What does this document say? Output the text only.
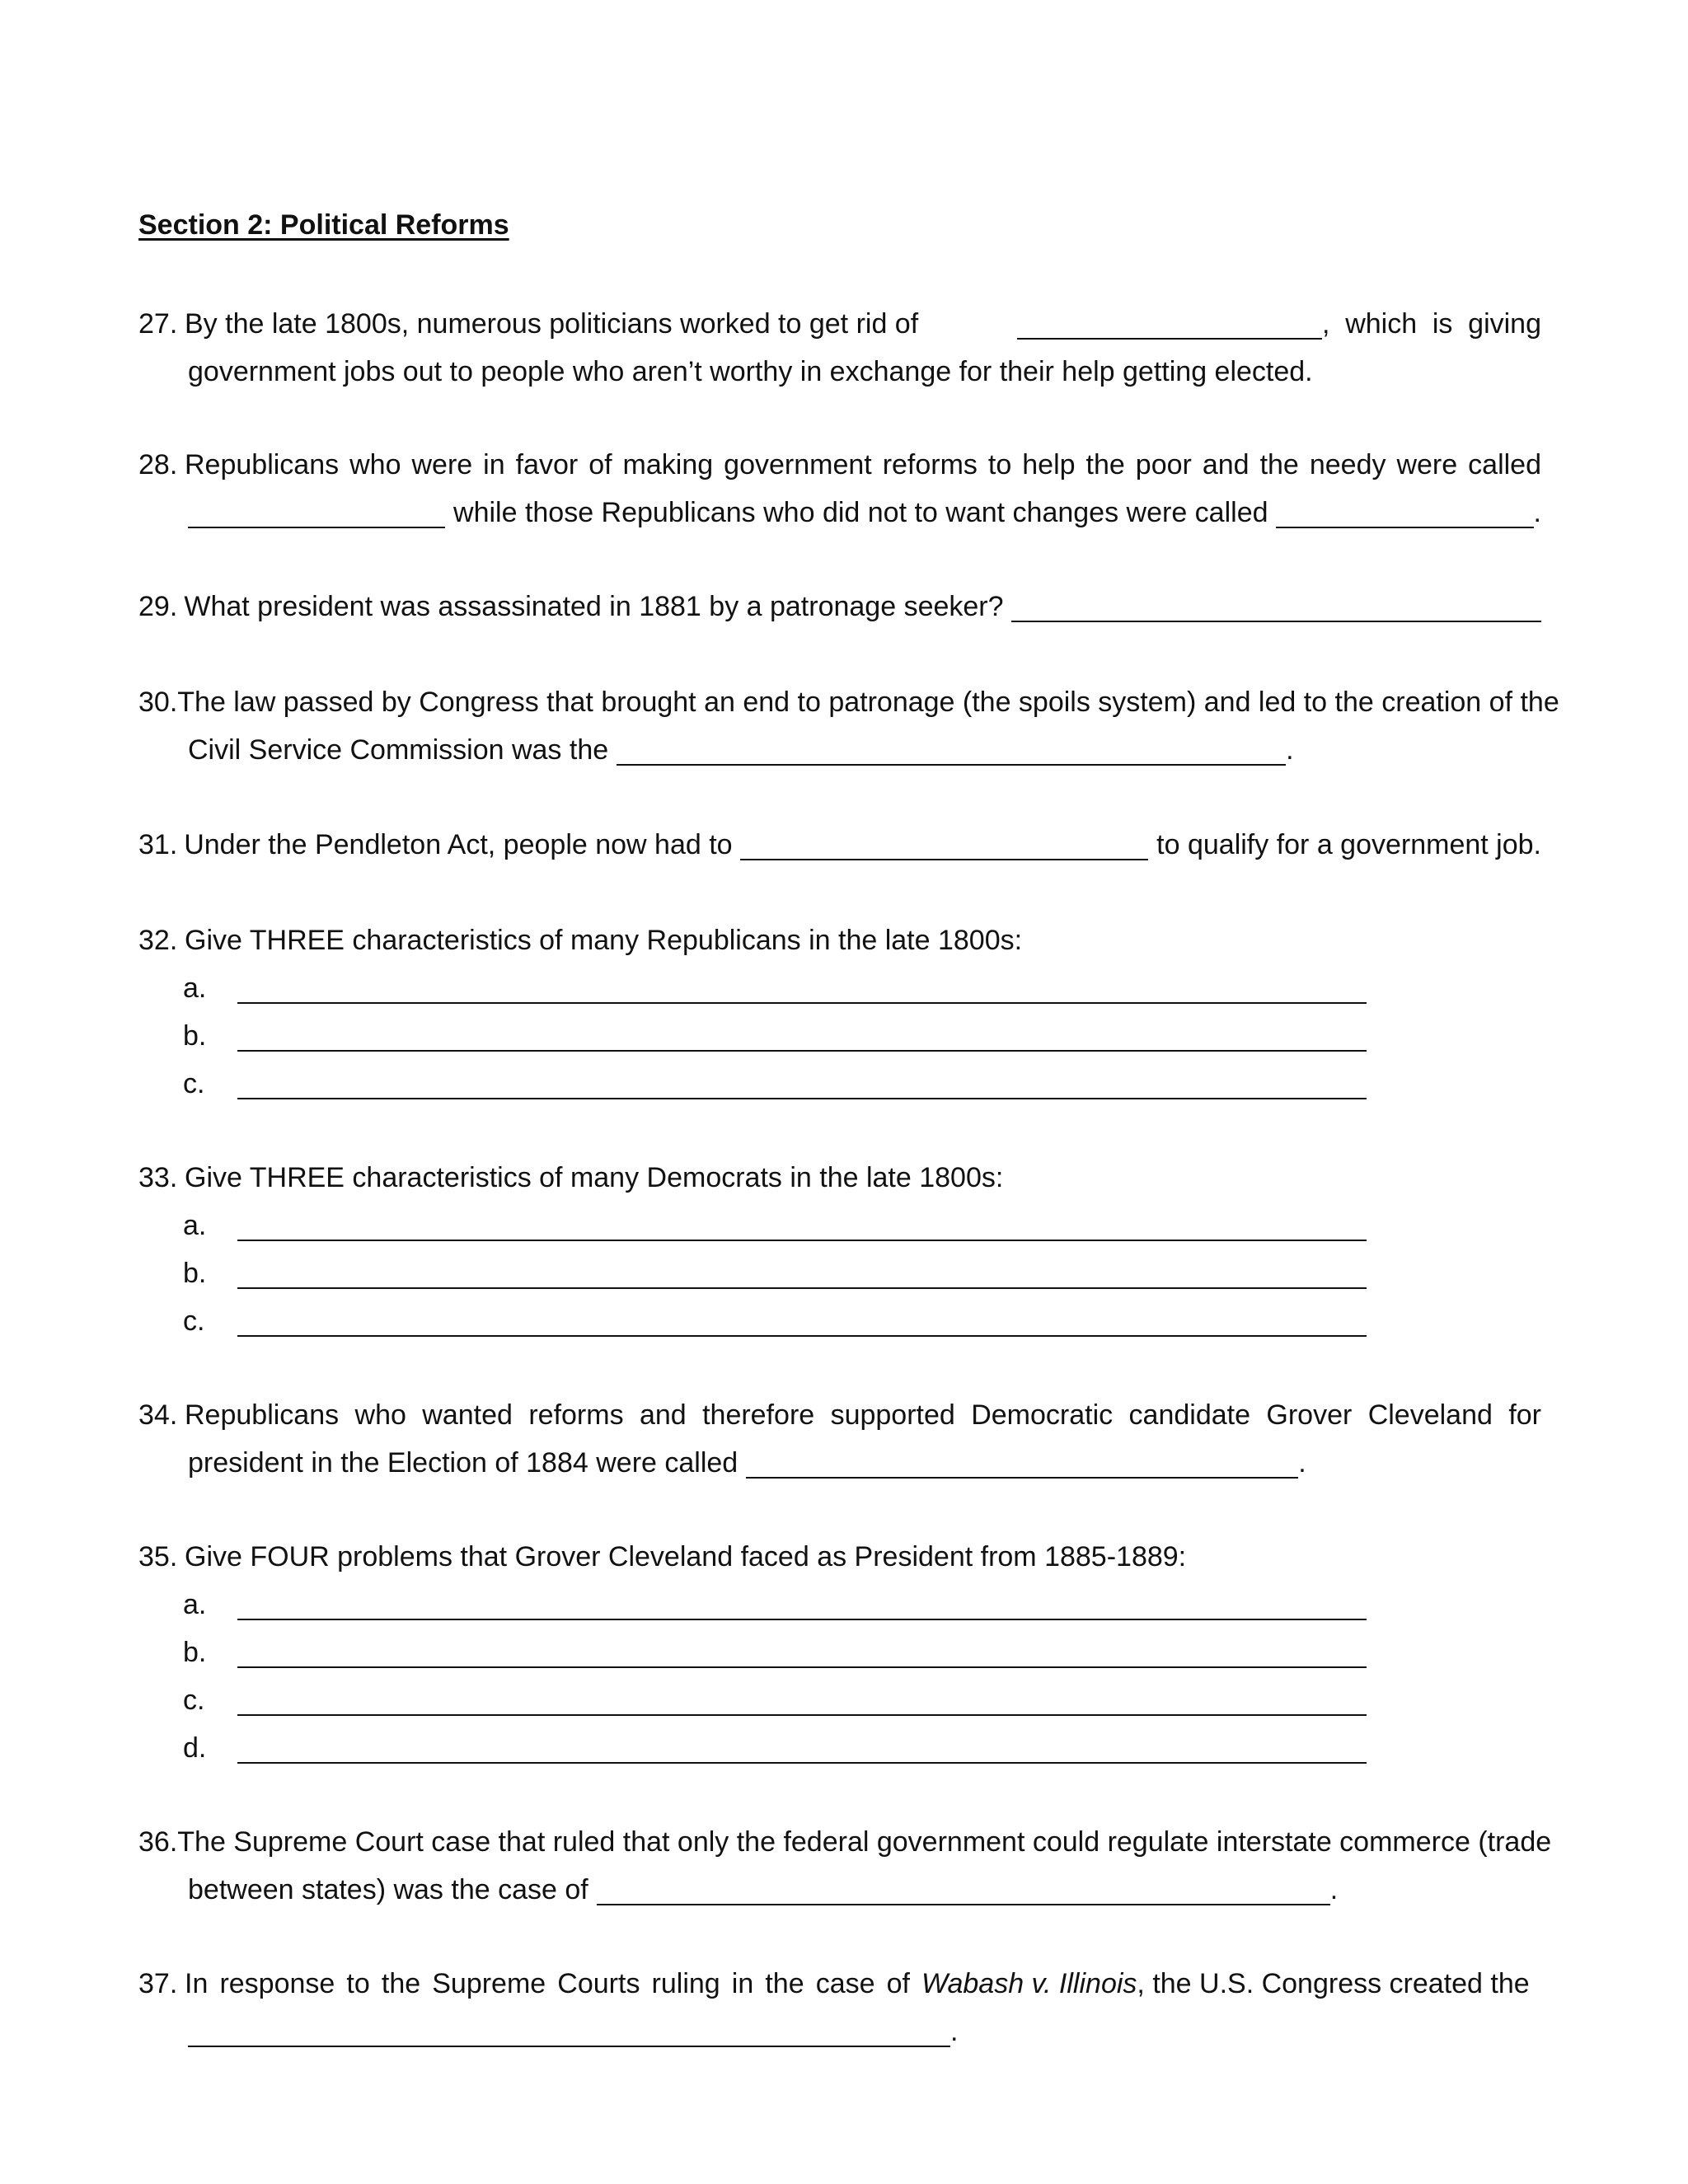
Section 2: Political Reforms
27. By the late 1800s, numerous politicians worked to get rid of	, which is giving
government jobs out to people who aren’t worthy in exchange for their help getting elected.
28. Republicans who were in favor of making government reforms to help the poor and the needy were called
while those Republicans who did not to want changes were called	.
29. What president was assassinated in 1881 by a patronage seeker?
30. The law passed by Congress that brought an end to patronage (the spoils system) and led to the creation of the
Civil Service Commission was the	.
31. Under the Pendleton Act, people now had to	to qualify for a government job.
32. Give THREE characteristics of many Republicans in the late 1800s:
a.
b.
c.
33. Give THREE characteristics of many Democrats in the late 1800s:
a.
b.
c.
34. Republicans who wanted reforms and therefore supported Democratic candidate Grover Cleveland for
president in the Election of 1884 were called	.
35. Give FOUR problems that Grover Cleveland faced as President from 1885-1889:
a.
b.
c.
d.
36. The Supreme Court case that ruled that only the federal government could regulate interstate commerce (trade
between states) was the case of	.
37. In response to the Supreme Courts ruling in the case of Wabash v. Illinois, the U.S. Congress created the
.
